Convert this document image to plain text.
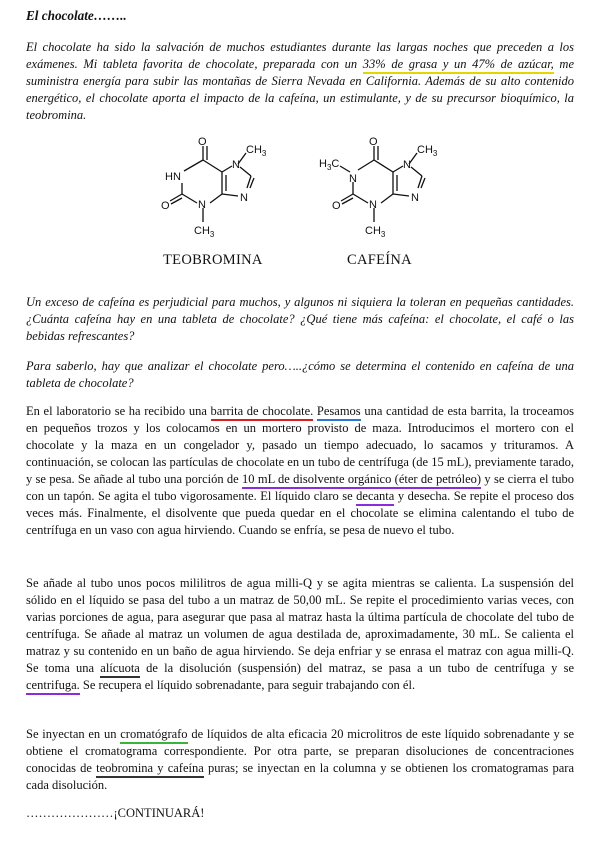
El chocolate……..

El chocolate ha sido la salvación de muchos estudiantes durante las largas noches que preceden a los exámenes. Mi tableta favorita de chocolate, preparada con un 33% de grasa y un 47% de azúcar, me suministra energía para subir las montañas de Sierra Nevada en California. Además de su alto contenido energético, el chocolate aporta el impacto de la cafeína, un estimulante, y de su precursor bioquímico, la teobromina.

O
HN
O	N
$CH_3$
N
$CH_3$
N
O
$H_3C$
N
O	N
$CH_3$
N
$CH_3$
N
TEOBROMINA	CAFEÍNA

Un exceso de cafeína es perjudicial para muchos, y algunos ni siquiera la toleran en pequeñas cantidades. ¿Cuánta cafeína hay en una tableta de chocolate? ¿Qué tiene más cafeína: el chocolate, el café o las bebidas refrescantes?

Para saberlo, hay que analizar el chocolate pero…..¿cómo se determina el contenido en cafeína de una tableta de chocolate?

En el laboratorio se ha recibido una barrita de chocolate. Pesamos una cantidad de esta barrita, la troceamos en pequeños trozos y los colocamos en un mortero provisto de maza. Introducimos el mortero con el chocolate y la maza en un congelador y, pasado un tiempo adecuado, lo sacamos y trituramos. A continuación, se colocan las partículas de chocolate en un tubo de centrífuga (de 15 mL), previamente tarado, y se pesa. Se añade al tubo una porción de 10 mL de disolvente orgánico (éter de petróleo) y se cierra el tubo con un tapón. Se agita el tubo vigorosamente. El líquido claro se decanta y desecha. Se repite el proceso dos veces más. Finalmente, el disolvente que pueda quedar en el chocolate se elimina calentando el tubo de centrífuga en un vaso con agua hirviendo. Cuando se enfría, se pesa de nuevo el tubo.

Se añade al tubo unos pocos mililitros de agua milli-Q y se agita mientras se calienta. La suspensión del sólido en el líquido se pasa del tubo a un matraz de 50,00 mL. Se repite el procedimiento varias veces, con varias porciones de agua, para asegurar que pasa al matraz hasta la última partícula de chocolate del tubo de centrífuga. Se añade al matraz un volumen de agua destilada de, aproximadamente, 30 mL. Se calienta el matraz y su contenido en un baño de agua hirviendo. Se deja enfriar y se enrasa el matraz con agua milli-Q. Se toma una alícuota de la disolución (suspensión) del matraz, se pasa a un tubo de centrífuga y se centrifuga. Se recupera el líquido sobrenadante, para seguir trabajando con él.

Se inyectan en un cromatógrafo de líquidos de alta eficacia 20 microlitros de este líquido sobrenadante y se obtiene el cromatograma correspondiente. Por otra parte, se preparan disoluciones de concentraciones conocidas de teobromina y cafeína puras; se inyectan en la columna y se obtienen los cromatogramas para cada disolución.

…………………¡CONTINUARÁ!
